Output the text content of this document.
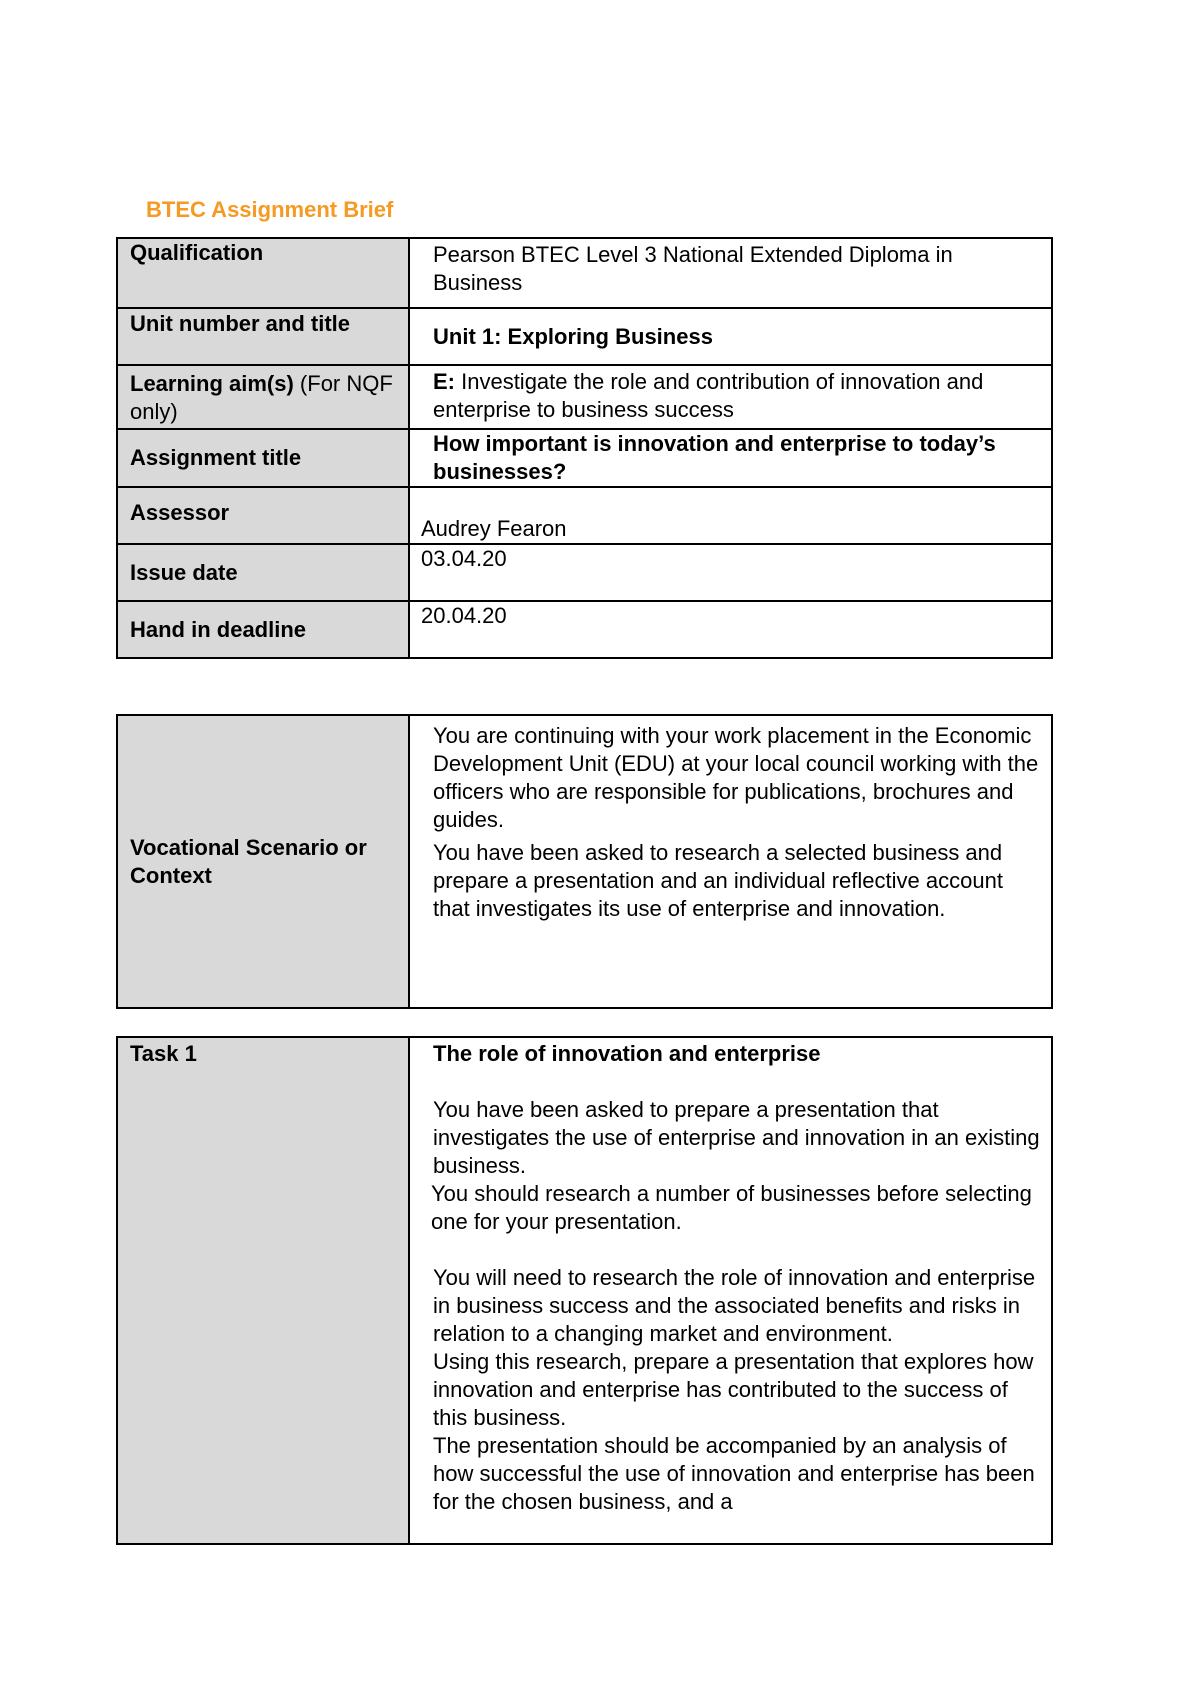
BTEC Assignment Brief
Qualification	Pearson BTEC Level 3 National Extended Diploma in Business

Unit number and title	Unit 1: Exploring Business

Learning aim(s) (For NQF only)	E: Investigate the role and contribution of innovation and enterprise to business success

Assignment title	How important is innovation and enterprise to today’s businesses?

Assessor	Audrey Fearon

Issue date	03.04.20

Hand in deadline	20.04.20
Vocational Scenario or Context

You are continuing with your work placement in the Economic Development Unit (EDU) at your local council working with the officers who are responsible for publications, brochures and guides.

You have been asked to research a selected business and prepare a presentation and an individual reflective account that investigates its use of enterprise and innovation.

Task 1	The role of innovation and enterprise

You have been asked to prepare a presentation that investigates the use of enterprise and innovation in an existing business.

You should research a number of businesses before selecting one for your presentation.

You will need to research the role of innovation and enterprise in business success and the associated benefits and risks in relation to a changing market and environment.

Using this research, prepare a presentation that explores how innovation and enterprise has contributed to the success of this business.

The presentation should be accompanied by an analysis of how successful the use of innovation and enterprise has been for the chosen business, and a
